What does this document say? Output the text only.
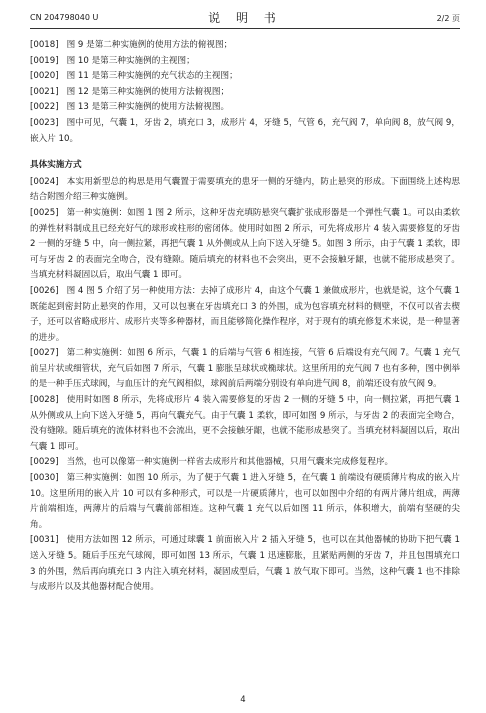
CN 204798040 U	说 明 书	2/2 页
[0018] 图 9 是第二种实施例的使用方法的俯视图；
[0019] 图 10 是第三种实施例的主视图；
[0020] 图 11 是第三种实施例的充气状态的主视图；
[0021] 图 12 是第三种实施例的使用方法俯视图；
[0022] 图 13 是第三种实施例的使用方法俯视图。
[0023] 图中可见，气囊 1，牙齿 2，填充口 3，成形片 4，牙缝 5，气管 6，充气阀 7，单向阀 8，放气阀 9，嵌入片 10。
具体实施方式
[0024] 本实用新型总的构思是用气囊置于需要填充的患牙一侧的牙缝内，防止悬突的形成。下面围绕上述构思结合附图介绍三种实施例。
[0025] 第一种实施例：如图 1 图 2 所示，这种牙齿充填防悬突气囊扩张成形器是一个弹性气囊 1。可以由柔软的弹性材料制成且已经充好气的球形或柱形的密闭体。使用时如图 2 所示，可先将成形片 4 装入需要修复的牙齿 2 一侧的牙缝 5 中，向一侧拉紧，再把气囊 1 从外侧或从上向下送入牙缝 5。如图 3 所示，由于气囊 1 柔软，即可与牙齿 2 的表面完全吻合，没有缝隙。随后填充的材料也不会突出，更不会接触牙龈，也就不能形成悬突了。当填充材料凝固以后，取出气囊 1 即可。
[0026] 图 4 图 5 介绍了另一种使用方法：去掉了成形片 4，由这个气囊 1 兼做成形片，也就是说，这个气囊 1 既能起到密封防止悬突的作用，又可以包裹在牙齿填充口 3 的外围，成为包容填充材料的侧壁，不仅可以省去楔子，还可以省略成形片、成形片夹等多种器材，而且能够简化操作程序，对于现有的填充修复术来说，是一种显著的进步。
[0027] 第二种实施例：如图 6 所示，气囊 1 的后端与气管 6 相连接，气管 6 后端设有充气阀 7。气囊 1 充气前呈片状或细管状，充气后如图 7 所示，气囊 1 膨胀呈球状或椭球状。这里所用的充气阀 7 也有多种，图中例举的是一种手压式球阀，与血压计的充气阀相似，球阀前后两端分别设有单向进气阀 8，前端还设有放气阀 9。
[0028] 使用时如图 8 所示，先将成形片 4 装入需要修复的牙齿 2 一侧的牙缝 5 中，向一侧拉紧，再把气囊 1 从外侧或从上向下送入牙缝 5，再向气囊充气。由于气囊 1 柔软，即可如图 9 所示，与牙齿 2 的表面完全吻合，没有缝隙。随后填充的流体材料也不会流出，更不会接触牙龈，也就不能形成悬突了。当填充材料凝固以后，取出气囊 1 即可。
[0029] 当然，也可以像第一种实施例一样省去成形片和其他器械，只用气囊来完成修复程序。
[0030] 第三种实施例：如图 10 所示，为了便于气囊 1 进入牙缝 5，在气囊 1 前端设有硬质薄片构成的嵌入片 10。这里所用的嵌入片 10 可以有多种形式，可以是一片硬质薄片，也可以如图中介绍的有两片薄片组成，两薄片前端相连，两薄片的后端与气囊前部相连。这种气囊 1 充气以后如图 11 所示，体积增大，前端有坚硬的尖角。
[0031] 使用方法如图 12 所示，可通过球囊 1 前面嵌入片 2 插入牙缝 5，也可以在其他器械的协助下把气囊 1 送入牙缝 5。随后手压充气球阀，即可如图 13 所示，气囊 1 迅速膨胀，且紧贴两侧的牙齿 7，并且包围填充口 3 的外围，然后再向填充口 3 内注入填充材料，凝固成型后，气囊 1 放气取下即可。当然，这种气囊 1 也不排除与成形片以及其他器材配合使用。
4
